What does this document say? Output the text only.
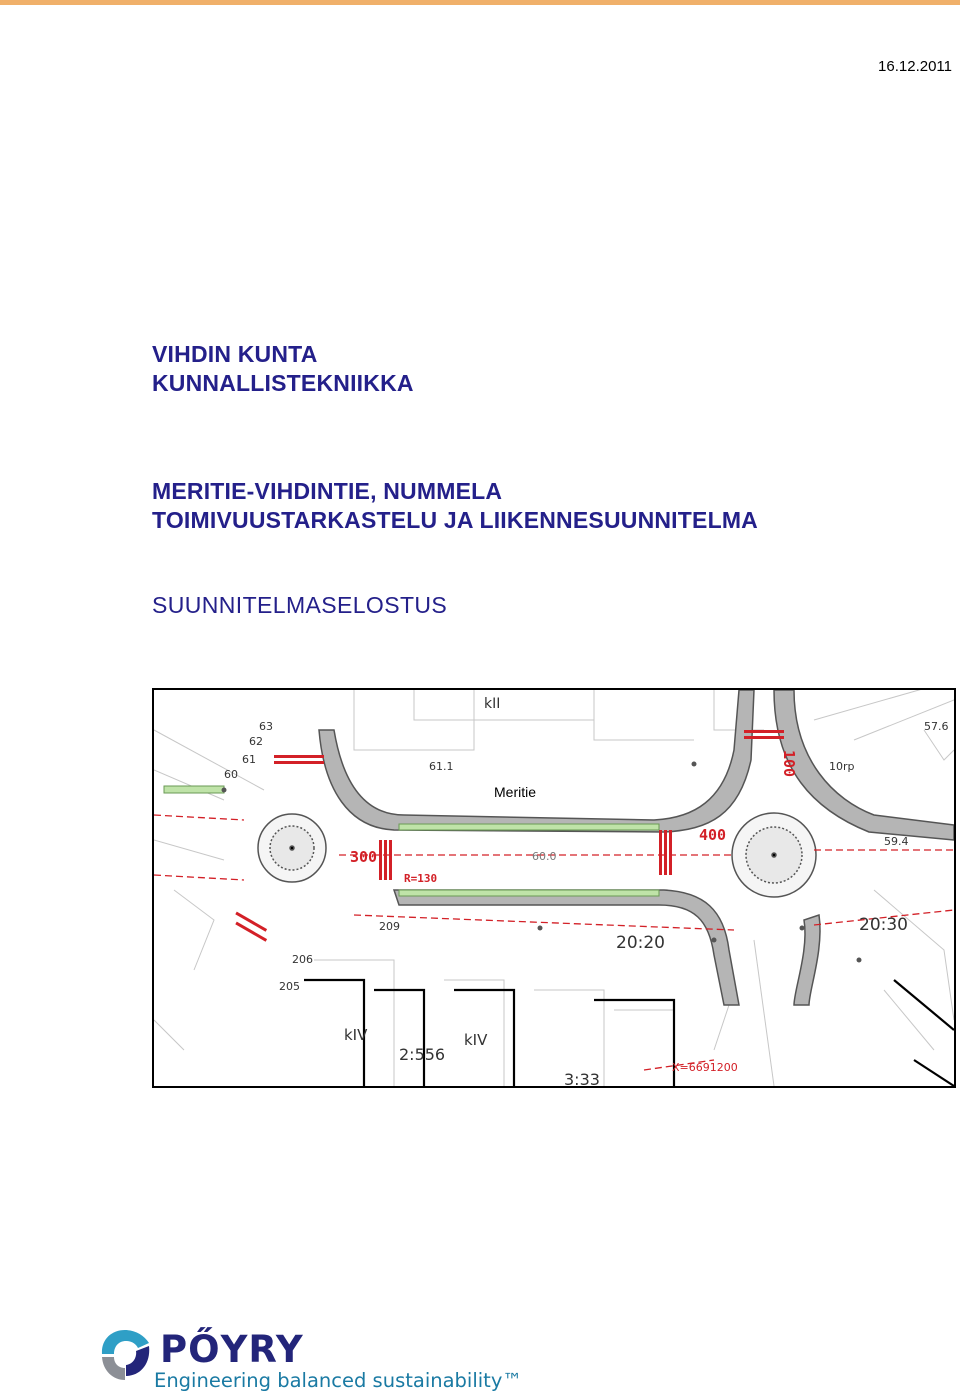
16.12.2011
VIHDIN KUNTA
KUNNALLISTEKNIIKKA
MERITIE-VIHDINTIE, NUMMELA
TOIMIVUUSTARKASTELU JA LIIKENNESUUNNITELMA
SUUNNITELMASELOSTUS
300
400
100
R=130
kII
kIV	kIV
61.1
57.6
59.4
10rp
20:30
20:20
3:33
2:556
X=6691200
60.0
63
62
61
60
209
205
206
Meritie
PŐYRY
Engineering balanced sustainability™
